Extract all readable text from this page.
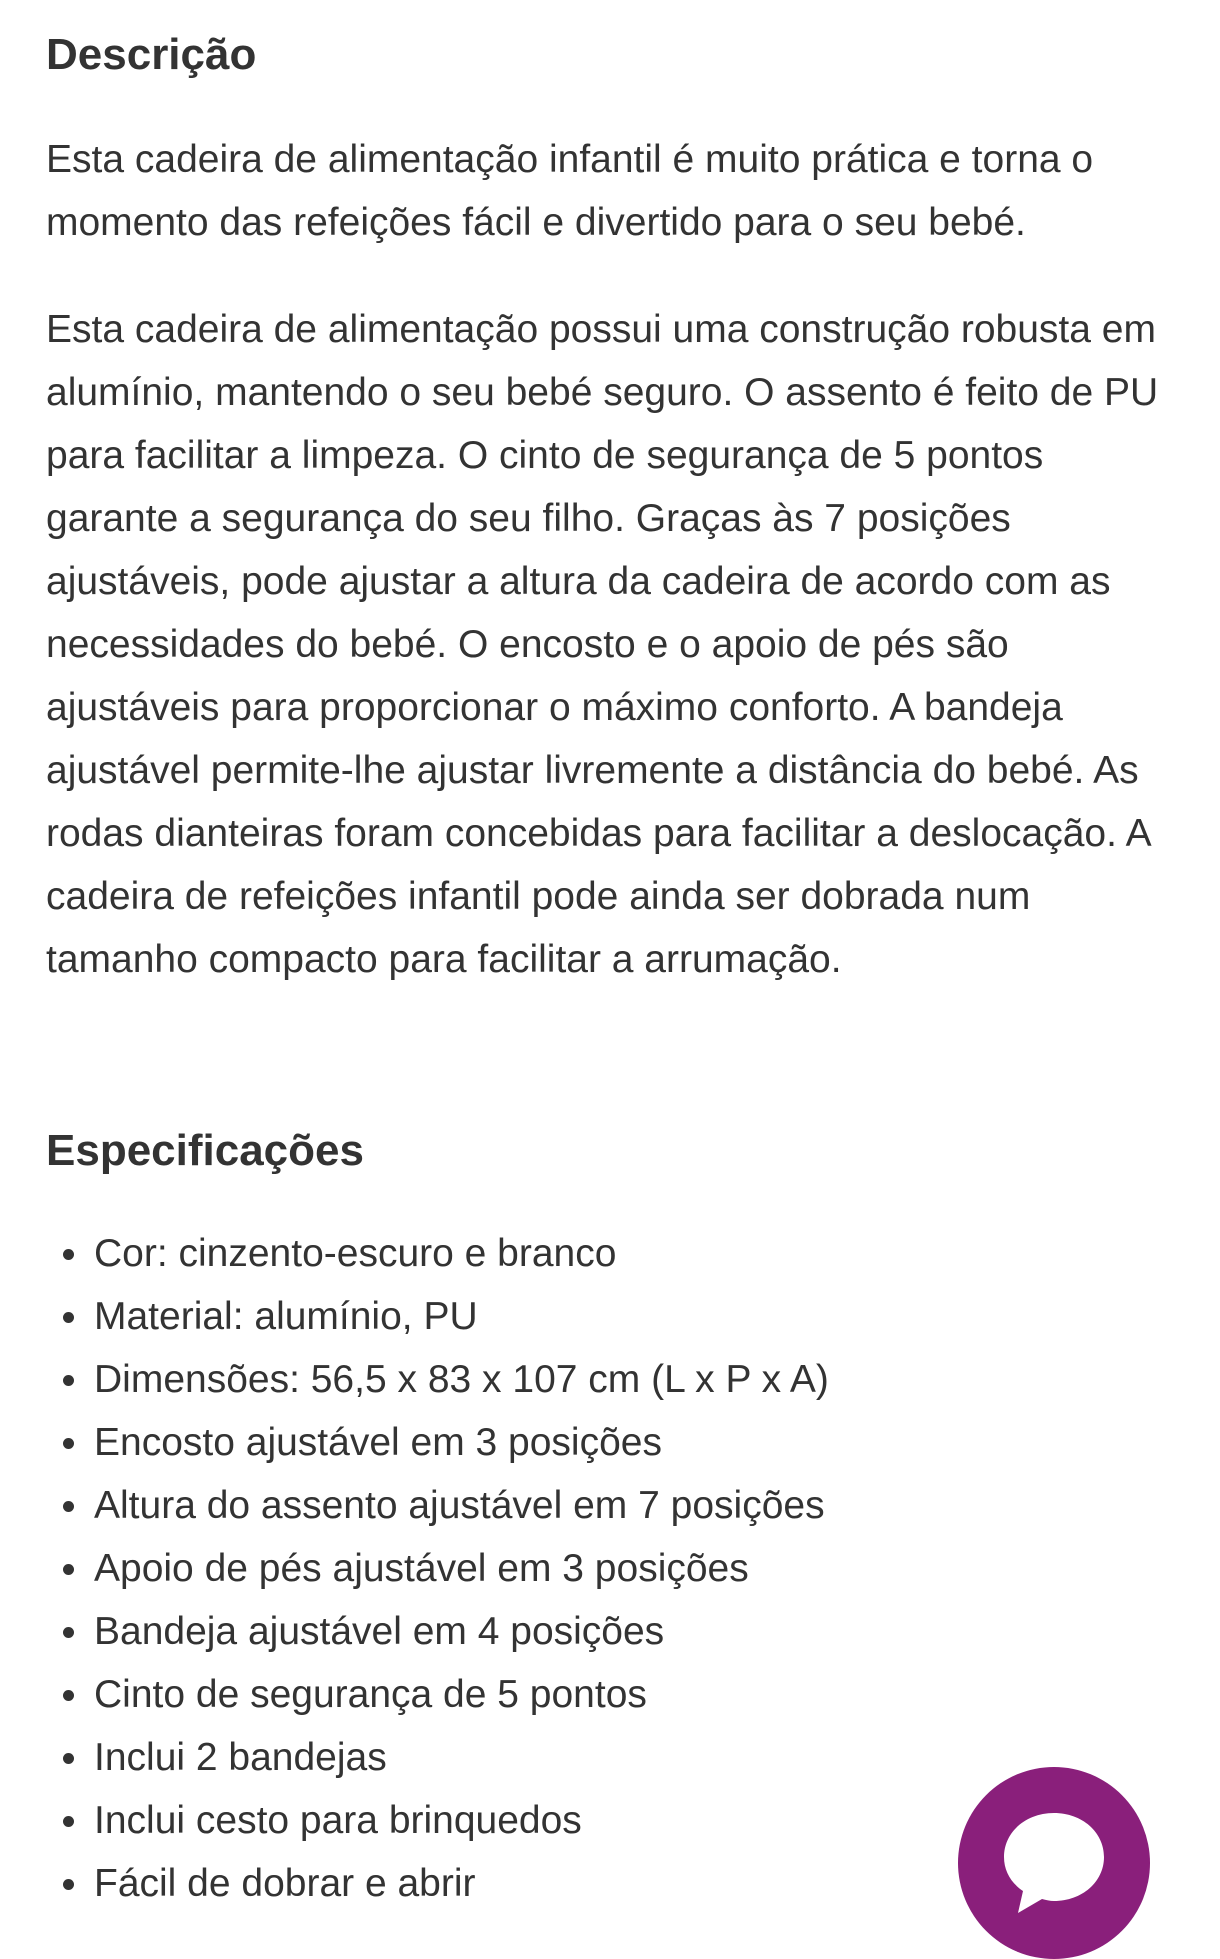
Descrição

Esta cadeira de alimentação infantil é muito prática e torna o momento das refeições fácil e divertido para o seu bebé.

Esta cadeira de alimentação possui uma construção robusta em alumínio, mantendo o seu bebé seguro. O assento é feito de PU para facilitar a limpeza. O cinto de segurança de 5 pontos garante a segurança do seu filho. Graças às 7 posições ajustáveis, pode ajustar a altura da cadeira de acordo com as necessidades do bebé. O encosto e o apoio de pés são ajustáveis para proporcionar o máximo conforto. A bandeja ajustável permite-lhe ajustar livremente a distância do bebé. As rodas dianteiras foram concebidas para facilitar a deslocação. A cadeira de refeições infantil pode ainda ser dobrada num tamanho compacto para facilitar a arrumação.

Especificações
Cor: cinzento-escuro e branco
Material: alumínio, PU
Dimensões: 56,5 x 83 x 107 cm (L x P x A)
Encosto ajustável em 3 posições
Altura do assento ajustável em 7 posições
Apoio de pés ajustável em 3 posições
Bandeja ajustável em 4 posições
Cinto de segurança de 5 pontos
Inclui 2 bandejas
Inclui cesto para brinquedos
Fácil de dobrar e abrir
